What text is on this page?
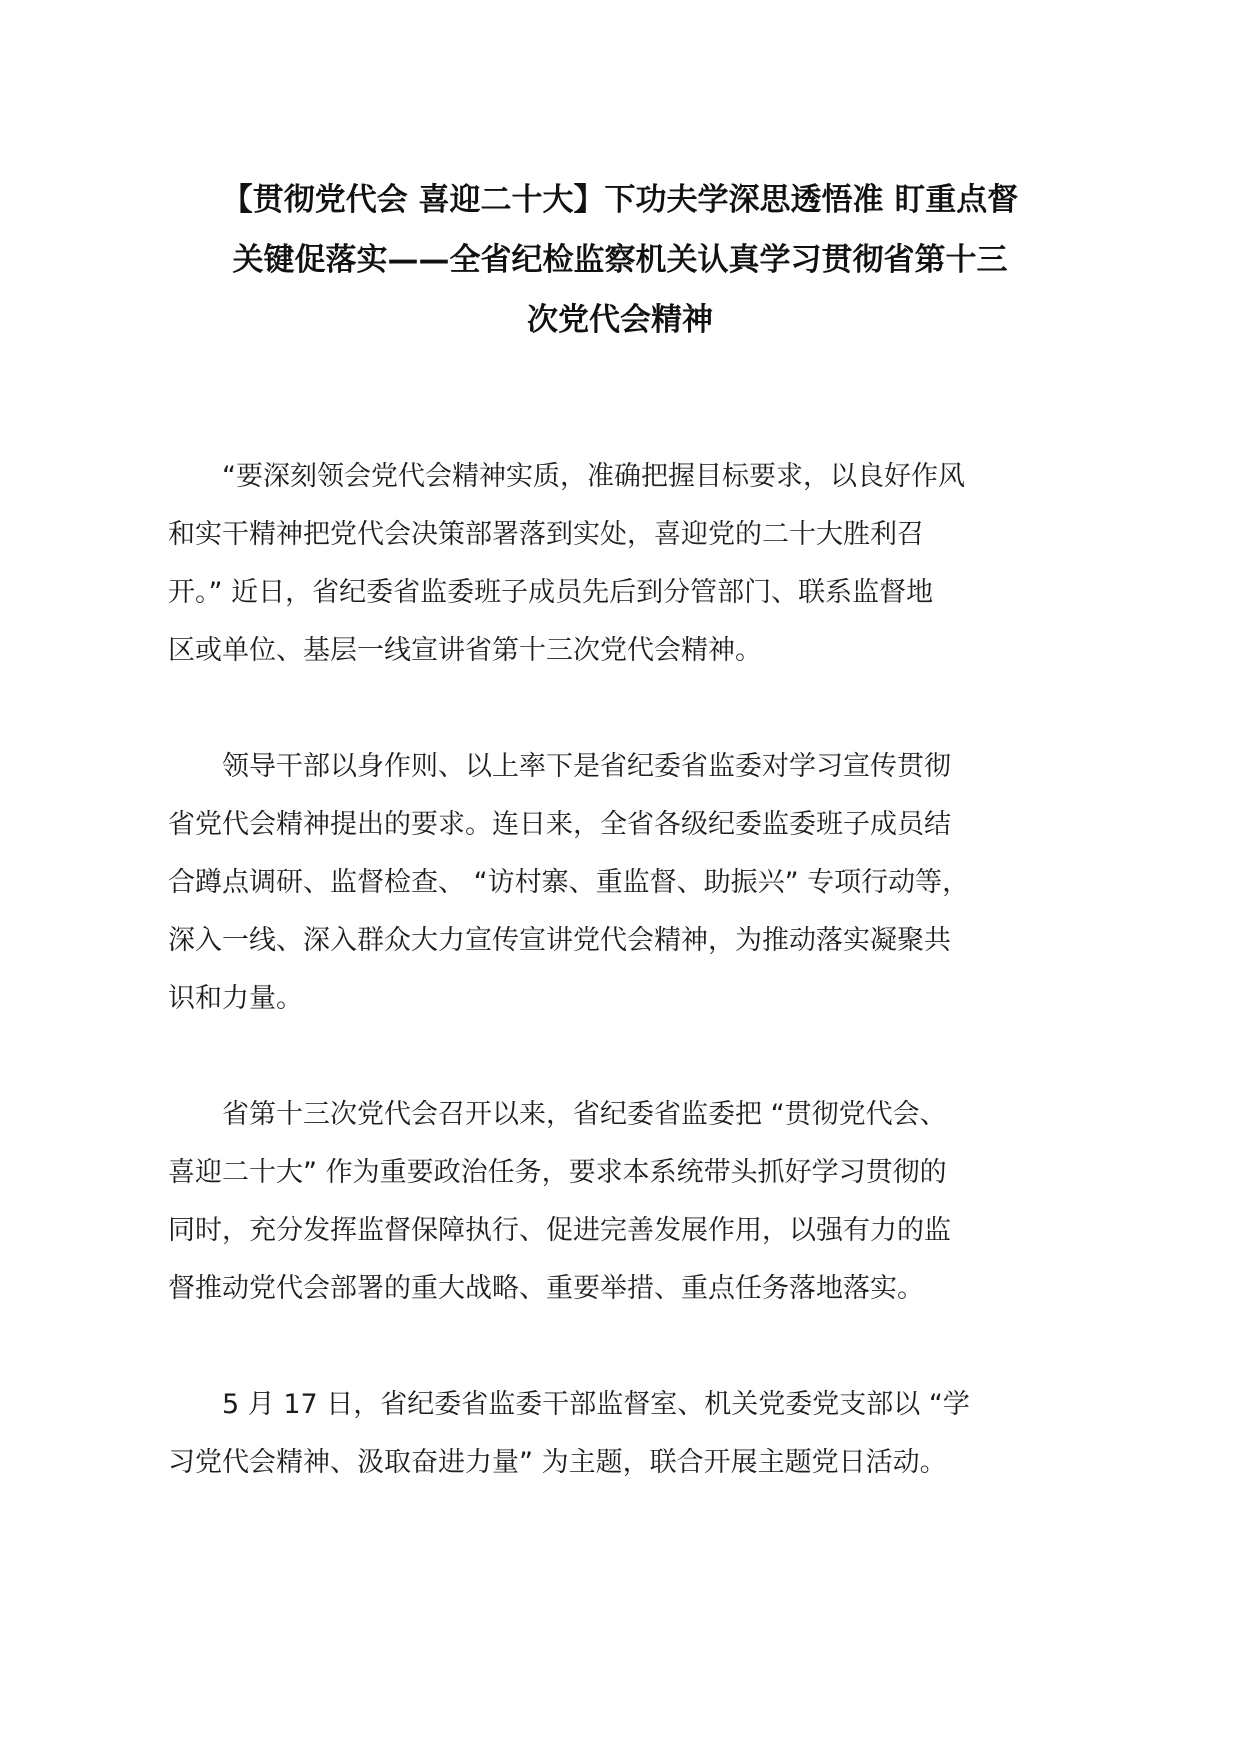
【贯彻党代会 喜迎二十大】下功夫学深思透悟准 盯重点督
关键促落实——全省纪检监察机关认真学习贯彻省第十三
次党代会精神

“要深刻领会党代会精神实质，准确把握目标要求，以良好作风
和实干精神把党代会决策部署落到实处，喜迎党的二十大胜利召
开。” 近日，省纪委省监委班子成员先后到分管部门、联系监督地
区或单位、基层一线宣讲省第十三次党代会精神。

领导干部以身作则、以上率下是省纪委省监委对学习宣传贯彻
省党代会精神提出的要求。连日来，全省各级纪委监委班子成员结
合蹲点调研、监督检查、 “访村寨、重监督、助振兴” 专项行动等，
深入一线、深入群众大力宣传宣讲党代会精神，为推动落实凝聚共
识和力量。

省第十三次党代会召开以来，省纪委省监委把 “贯彻党代会、
喜迎二十大” 作为重要政治任务，要求本系统带头抓好学习贯彻的
同时，充分发挥监督保障执行、促进完善发展作用，以强有力的监
督推动党代会部署的重大战略、重要举措、重点任务落地落实。

5 月 17 日，省纪委省监委干部监督室、机关党委党支部以 “学
习党代会精神、汲取奋进力量” 为主题，联合开展主题党日活动。
